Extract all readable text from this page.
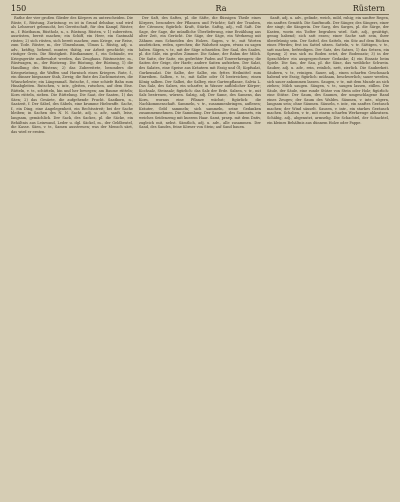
150	Ra	Rüstern

Rathe der vier großen Glieder des Körpers zu unterscheiden. Die Rüste, f., Rüstung, Zurüstung: es ist in Grund dehnbar, und wird als Lehnwort gebraucht, bei Gereitschaft, für den Kampf, Rüster, m., f. Rüstbaum, Rüstholz, n., s. Rüstung. Rüsten, v. 1) zubereiten, ausrüsten, bereit machen; ein Schiff, ein Heer, ein Gastmahl rüsten; 2) sich rüsten, sich bereit machen; zum Kriege, zur Reise, zum Tode. Rüster, m., der Ulmenbaum, Ulmus L. Rüstig, adj. u. adv., kräftig, behend, munter, thätig, zur Arbeit geschickt; ein rüstiger Greis. Die Rüstigkeit. Rüstkammer, f., ein Gebäude, wo Kriegsgeräte aufbewahrt werden, das Zeughaus. Rüstmeister, m., Rüstwagen, m., der Rüstzeug. Die Rüstung, der Rüstung, 1) die Handlung des Rüstens; 2) das Zubereitete, besonders die Kriegsrüstung, die Waffen und Harnisch eines Kriegers. Rute, f., ein dünner biegsamer Stab, Zweig; die Rute des Zuchtmeisters, die Wünschelrute; ein Längenmaß. Rutsche, f., eine schiefe Bahn zum Hinabgleiten. Rutschen, v. intr., gleiten, rutschen, auf dem Eise. Rütteln, v. tr., schütteln, hin und her bewegen; am Baume rütteln; Korn rütteln, sieben. Die Rüttelung. Die Saat, der Saaten, 1) das Säen; 2) das Gesäete, die aufgehende Frucht. Saatkorn, n., Saatzeit, f. Der Säbel, des Säbels, eine krumme Hiebwaffe. Sache, f., ein Ding, eine Angelegenheit, ein Rechtsstreit; bei der Sache bleiben; in Sachen des N. N. Sacht, adj. u. adv., sanft, leise, langsam, gemächlich. Der Sack, des Sackes, pl. die Säcke, ein Behältnis aus Leinwand, Leder u. dgl. Säckel, m., der Geldbeutel, die Kasse. Säen, v. tr., Samen ausstreuen; was der Mensch säet, das wird er ernten.

Der Saft, des Saftes, pl. die Säfte, die flüssigen Theile eines Körpers, besonders der Pflanzen und Früchte; Saft der Trauben, der Citronen; figürlich: Kraft, Stärke. Saftig, adj., voll Saft. Die Sage, der Sage, die mündliche Überlieferung, eine Erzählung aus alter Zeit, ein Gerücht. Die Säge, der Säge, ein Werkzeug mit Zähnen zum Schneiden des Holzes. Sagen, v. tr., mit Worten ausdrücken, reden, sprechen; die Wahrheit sagen, etwas zu sagen haben. Sägen, v. tr., mit der Säge schneiden. Der Saal, des Saales, pl. die Säle, ein großes Zimmer. Die Sahne, der Rahm der Milch. Die Saite, der Saite, ein gedrehter Faden auf Tonwerkzeugen; die Saiten der Geige, der Harfe; andere Saiten aufziehen. Der Salat, des Salates, eine Speise aus Kräutern mit Essig und Öl; Kopfsalat, Gurkensalat. Die Salbe, der Salbe, ein fettes Heilmittel zum Einreiben. Salben, v. tr., mit Salbe oder Öl bestreichen; einen König salben. Der Salbei, die Salbey, eine Gartenpflanze, Salvia L. Das Salz, des Salzes, ein scharfer, in Wasser auflöslicher Körper; Kochsalz, Steinsalz; figürlich: das Salz der Erde. Salzen, v. tr., mit Salz bestreuen, würzen. Salzig, adj. Der Same, des Samens, das Korn, woraus eine Pflanze wächst; figürlich: die Nachkommenschaft. Sammeln, v. tr., zusammenbringen, auflesen; Kräuter, Geld sammeln; sich sammeln, seine Gedanken zusammennehmen. Die Sammlung. Der Sammet, des Sammets, ein weiches Seidenzeug mit kurzem Haar. Samt, praep. mit dem Dativ, zugleich mit, nebst. Sämtlich, adj. u. adv., alle zusammen. Der Sand, des Sandes, feine Körner von Stein; auf Sand bauen.

Sanft, adj. u. adv., gelinde, weich, mild, ruhig; ein sanfter Regen, ein sanftes Gemüth. Die Sanftmuth. Der Sänger, des Sängers, einer der singt; die Sängerin. Der Sarg, des Sarges, pl. die Särge, der Kasten, worin ein Todter begraben wird. Satt, adj., gesättigt, genug habend; sich satt essen; einer Sache satt sein, ihrer überdrüssig sein. Der Sattel, des Sattels, ein Sitz auf dem Rücken eines Pferdes; fest im Sattel sitzen. Satteln, v. tr. Sättigen, v. tr., satt machen, befriedigen. Der Satz, des Satzes, 1) das Setzen, ein Sprung; 2) was sich zu Boden setzt, der Bodensatz; 3) in der Sprachlehre ein ausgesprochener Gedanke; 4) ein Einsatz beim Spiele. Die Sau, der Sau, pl. die Säue, das weibliche Schwein. Sauber, adj. u. adv., rein, reinlich, nett, zierlich. Die Sauberkeit. Säubern, v. tr., reinigen. Sauer, adj., einen scharfen Geschmack habend wie Essig; figürlich: mühsam, beschwerlich; sauer werden, sich sauer ankommen lassen. Saugen, v. tr., mit dem Munde an sich ziehen; Milch saugen. Säugen, v. tr., saugen lassen, stillen. Die Säule, der Säule, eine runde Stütze von Stein oder Holz; figürlich: eine Stütze. Der Saum, des Saumes, der umgeschlagene Rand eines Zeuges; der Saum des Waldes. Säumen, v. intr., zögern, langsam sein; ohne Säumen. Säuseln, v. intr., ein sanftes Geräusch machen; der Wind säuselt. Sausen, v. intr., ein starkes Geräusch machen. Schaben, v. tr., mit einem scharfen Werkzeuge abkratzen. Schäbig, adj., abgenutzt, armselig. Die Schachtel, der Schachtel, ein kleines Behältnis aus dünnem Holze oder Pappe.
